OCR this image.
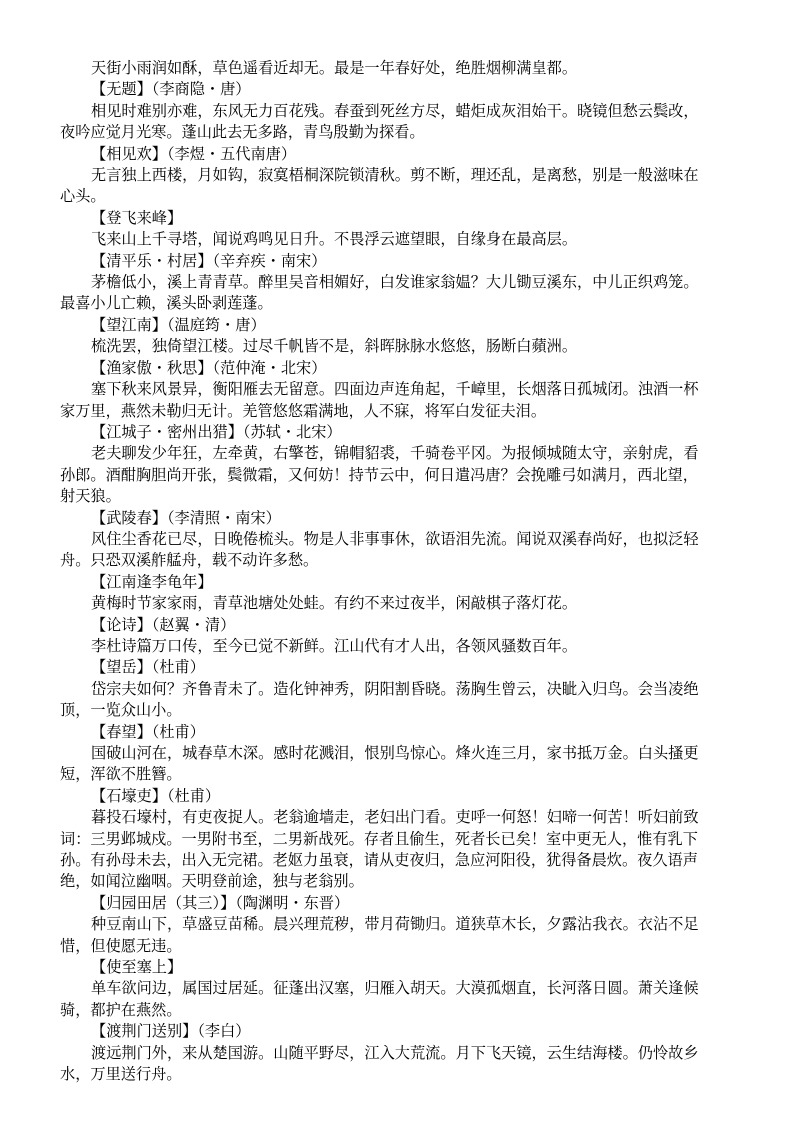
天街小雨润如酥，草色遥看近却无。最是一年春好处，绝胜烟柳满皇都。
【无题】（李商隐・唐）
相见时难别亦难，东风无力百花残。春蚕到死丝方尽，蜡炬成灰泪始干。晓镜但愁云鬓改，
夜吟应觉月光寒。蓬山此去无多路，青鸟殷勤为探看。
【相见欢】（李煜・五代南唐）
无言独上西楼，月如钩，寂寞梧桐深院锁清秋。剪不断，理还乱，是离愁，别是一般滋味在
心头。
【登飞来峰】
飞来山上千寻塔，闻说鸡鸣见日升。不畏浮云遮望眼，自缘身在最高层。
【清平乐・村居】（辛弃疾・南宋）
茅檐低小，溪上青青草。醉里吴音相媚好，白发谁家翁媪？大儿锄豆溪东，中儿正织鸡笼。
最喜小儿亡赖，溪头卧剥莲蓬。
【望江南】（温庭筠・唐）
梳洗罢，独倚望江楼。过尽千帆皆不是，斜晖脉脉水悠悠，肠断白蘋洲。
【渔家傲・秋思】（范仲淹・北宋）
塞下秋来风景异，衡阳雁去无留意。四面边声连角起，千嶂里，长烟落日孤城闭。浊酒一杯
家万里，燕然未勒归无计。羌管悠悠霜满地，人不寐，将军白发征夫泪。
【江城子・密州出猎】（苏轼・北宋）
老夫聊发少年狂，左牵黄，右擎苍，锦帽貂裘，千骑卷平冈。为报倾城随太守，亲射虎，看
孙郎。酒酣胸胆尚开张，鬓微霜，又何妨！持节云中，何日遣冯唐？会挽雕弓如满月，西北望，
射天狼。
【武陵春】（李清照・南宋）
风住尘香花已尽，日晚倦梳头。物是人非事事休，欲语泪先流。闻说双溪春尚好，也拟泛轻
舟。只恐双溪舴艋舟，载不动许多愁。
【江南逢李龟年】
黄梅时节家家雨，青草池塘处处蛙。有约不来过夜半，闲敲棋子落灯花。
【论诗】（赵翼・清）
李杜诗篇万口传，至今已觉不新鲜。江山代有才人出，各领风骚数百年。
【望岳】（杜甫）
岱宗夫如何？齐鲁青未了。造化钟神秀，阴阳割昏晓。荡胸生曾云，决眦入归鸟。会当凌绝
顶，一览众山小。
【春望】（杜甫）
国破山河在，城春草木深。感时花溅泪，恨别鸟惊心。烽火连三月，家书抵万金。白头搔更
短，浑欲不胜簪。
【石壕吏】（杜甫）
暮投石壕村，有吏夜捉人。老翁逾墙走，老妇出门看。吏呼一何怒！妇啼一何苦！听妇前致
词：三男邺城戍。一男附书至，二男新战死。存者且偷生，死者长已矣！室中更无人，惟有乳下
孙。有孙母未去，出入无完裙。老妪力虽衰，请从吏夜归，急应河阳役，犹得备晨炊。夜久语声
绝，如闻泣幽咽。天明登前途，独与老翁别。
【归园田居（其三）】（陶渊明・东晋）
种豆南山下，草盛豆苗稀。晨兴理荒秽，带月荷锄归。道狭草木长，夕露沾我衣。衣沾不足
惜，但使愿无违。
【使至塞上】
单车欲问边，属国过居延。征蓬出汉塞，归雁入胡天。大漠孤烟直，长河落日圆。萧关逢候
骑，都护在燕然。
【渡荆门送别】（李白）
渡远荆门外，来从楚国游。山随平野尽，江入大荒流。月下飞天镜，云生结海楼。仍怜故乡
水，万里送行舟。
